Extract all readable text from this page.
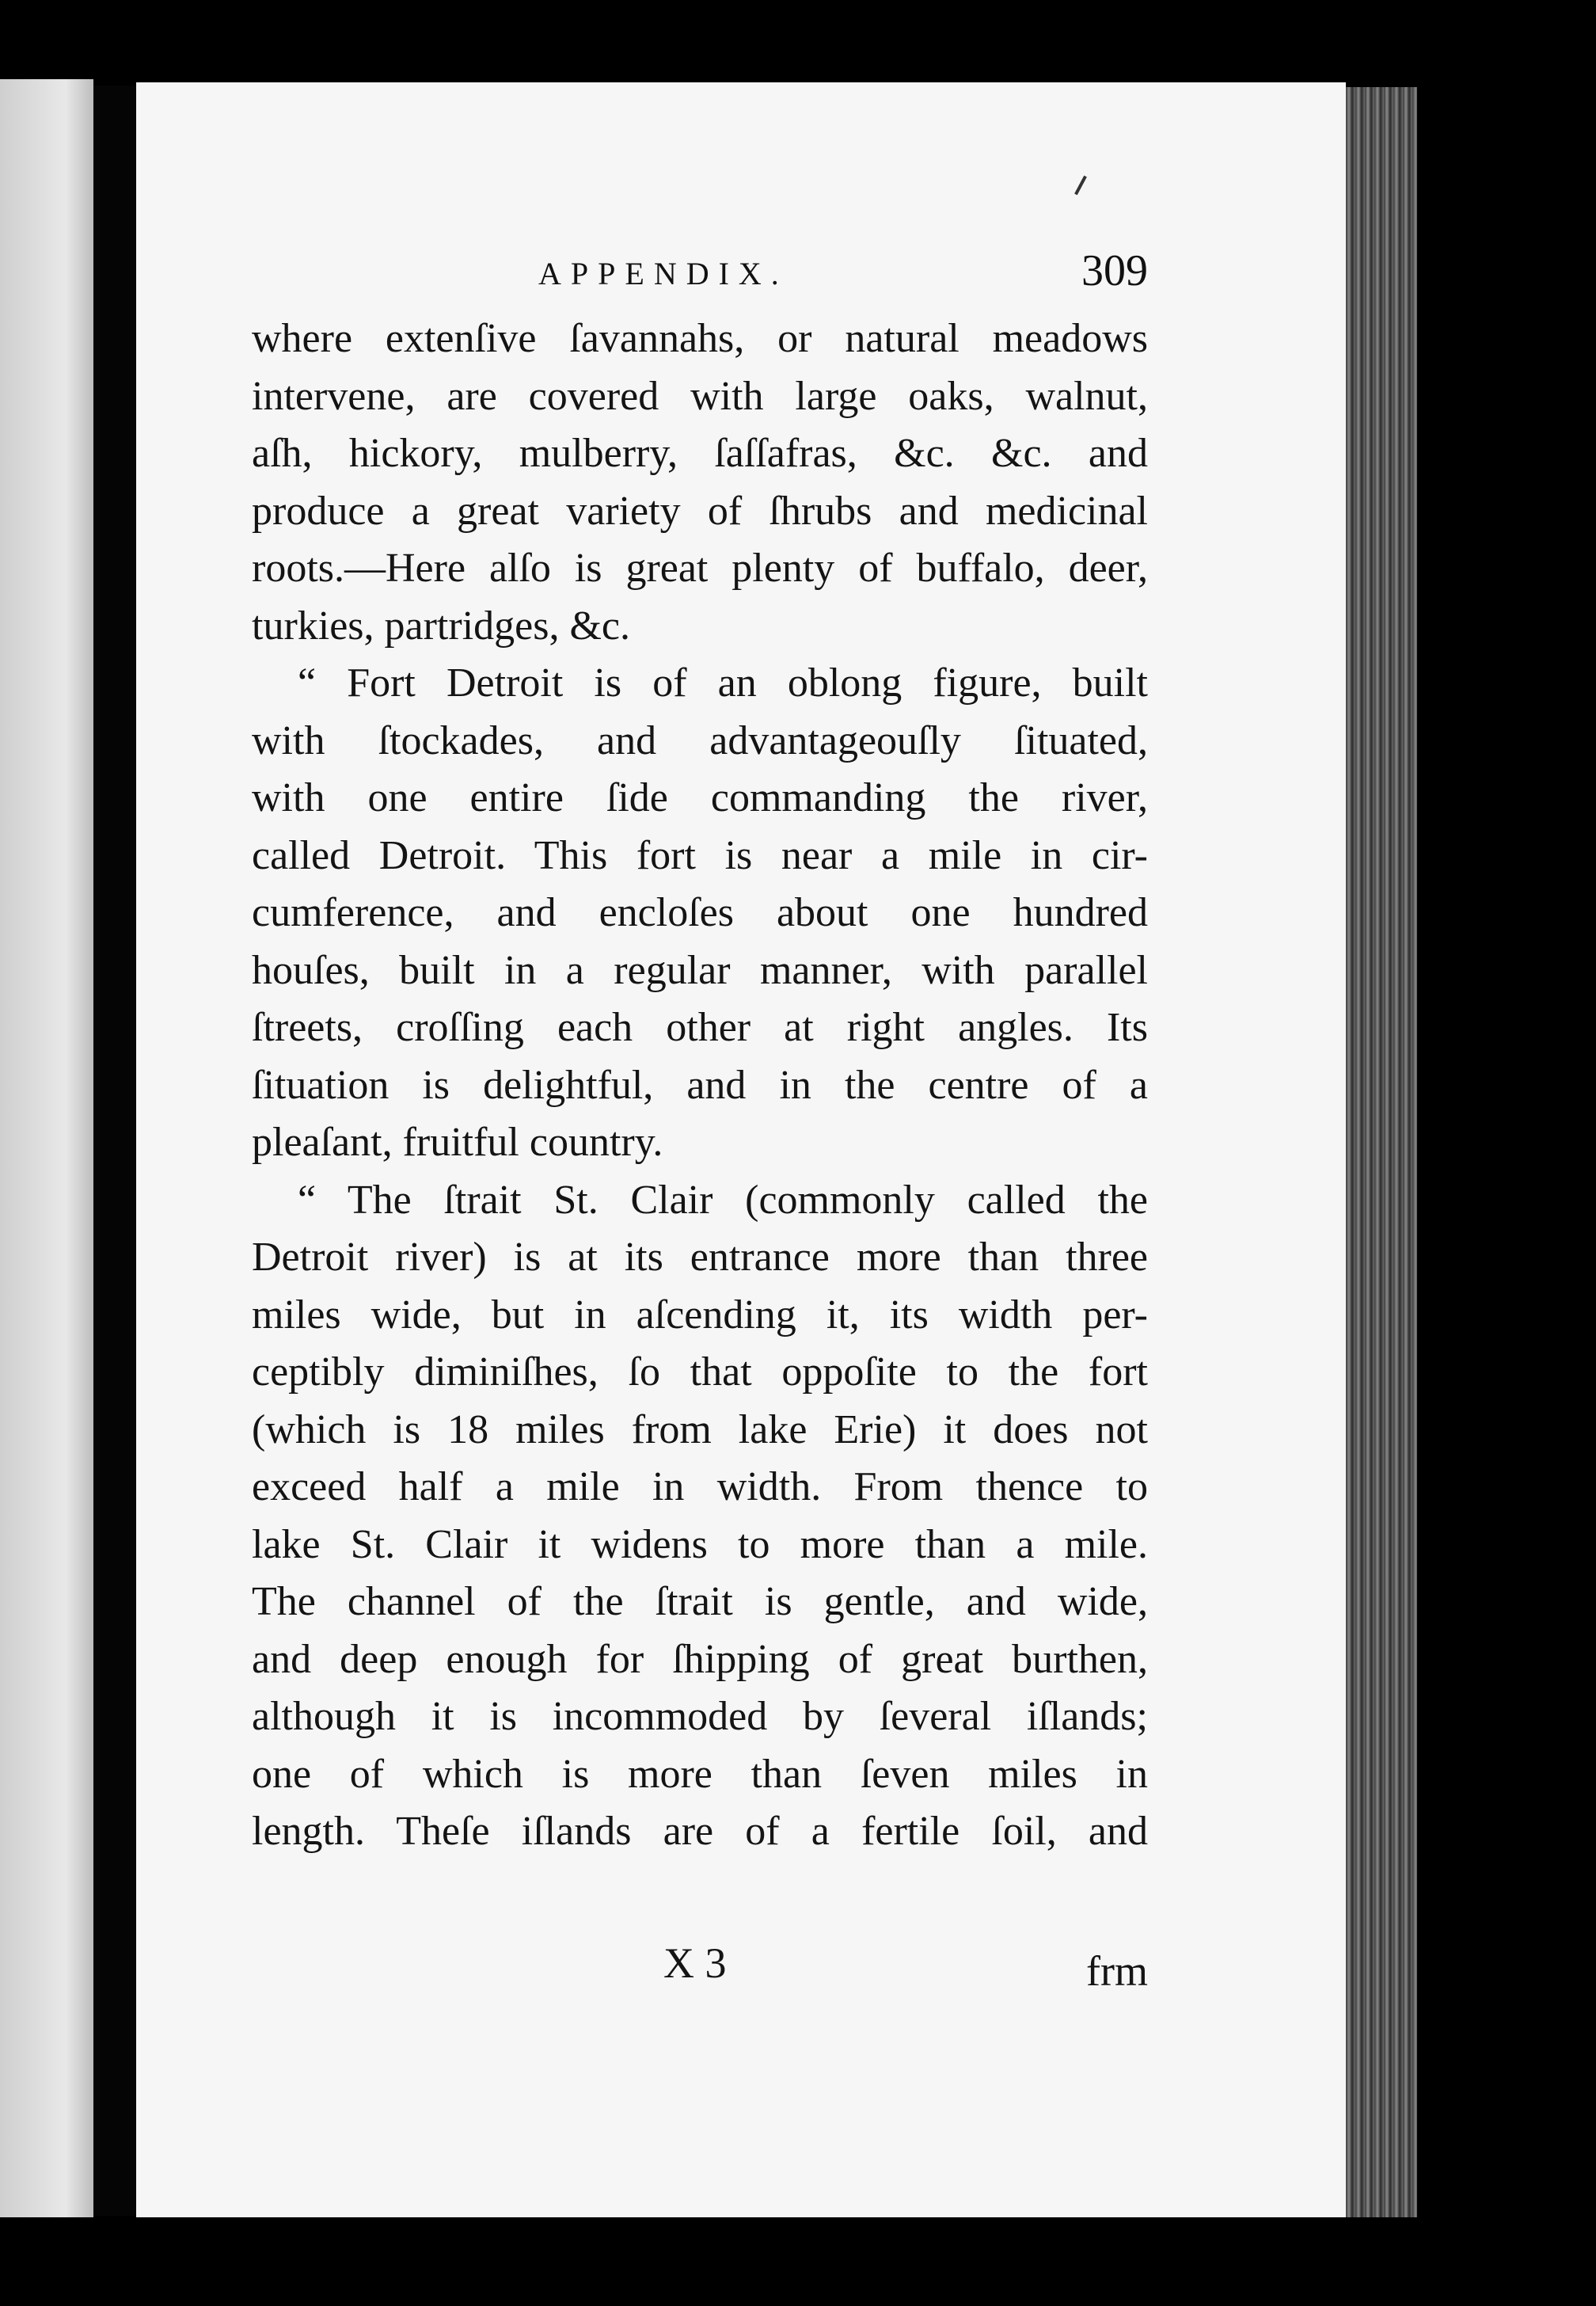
APPENDIX.	309
where extenſive ſavannahs, or natural meadows
intervene, are covered with large oaks, walnut,
aſh, hickory, mulberry, ſaſſafras, &c. &c. and
produce a great variety of ſhrubs and medicinal
roots.—Here alſo is great plenty of buffalo, deer,
turkies, partridges, &c.
“ Fort Detroit is of an oblong figure, built
with ſtockades, and advantageouſly ſituated,
with one entire ſide commanding the river,
called Detroit. This fort is near a mile in cir-
cumference, and encloſes about one hundred
houſes, built in a regular manner, with parallel
ſtreets, croſſing each other at right angles. Its
ſituation is delightful, and in the centre of a
pleaſant, fruitful country.
“ The ſtrait St. Clair (commonly called the
Detroit river) is at its entrance more than three
miles wide, but in aſcending it, its width per-
ceptibly diminiſhes, ſo that oppoſite to the fort
(which is 18 miles from lake Erie) it does not
exceed half a mile in width. From thence to
lake St. Clair it widens to more than a mile.
The channel of the ſtrait is gentle, and wide,
and deep enough for ſhipping of great burthen,
although it is incommoded by ſeveral iſlands;
one of which is more than ſeven miles in
length. Theſe iſlands are of a fertile ſoil, and
X 3	frm
